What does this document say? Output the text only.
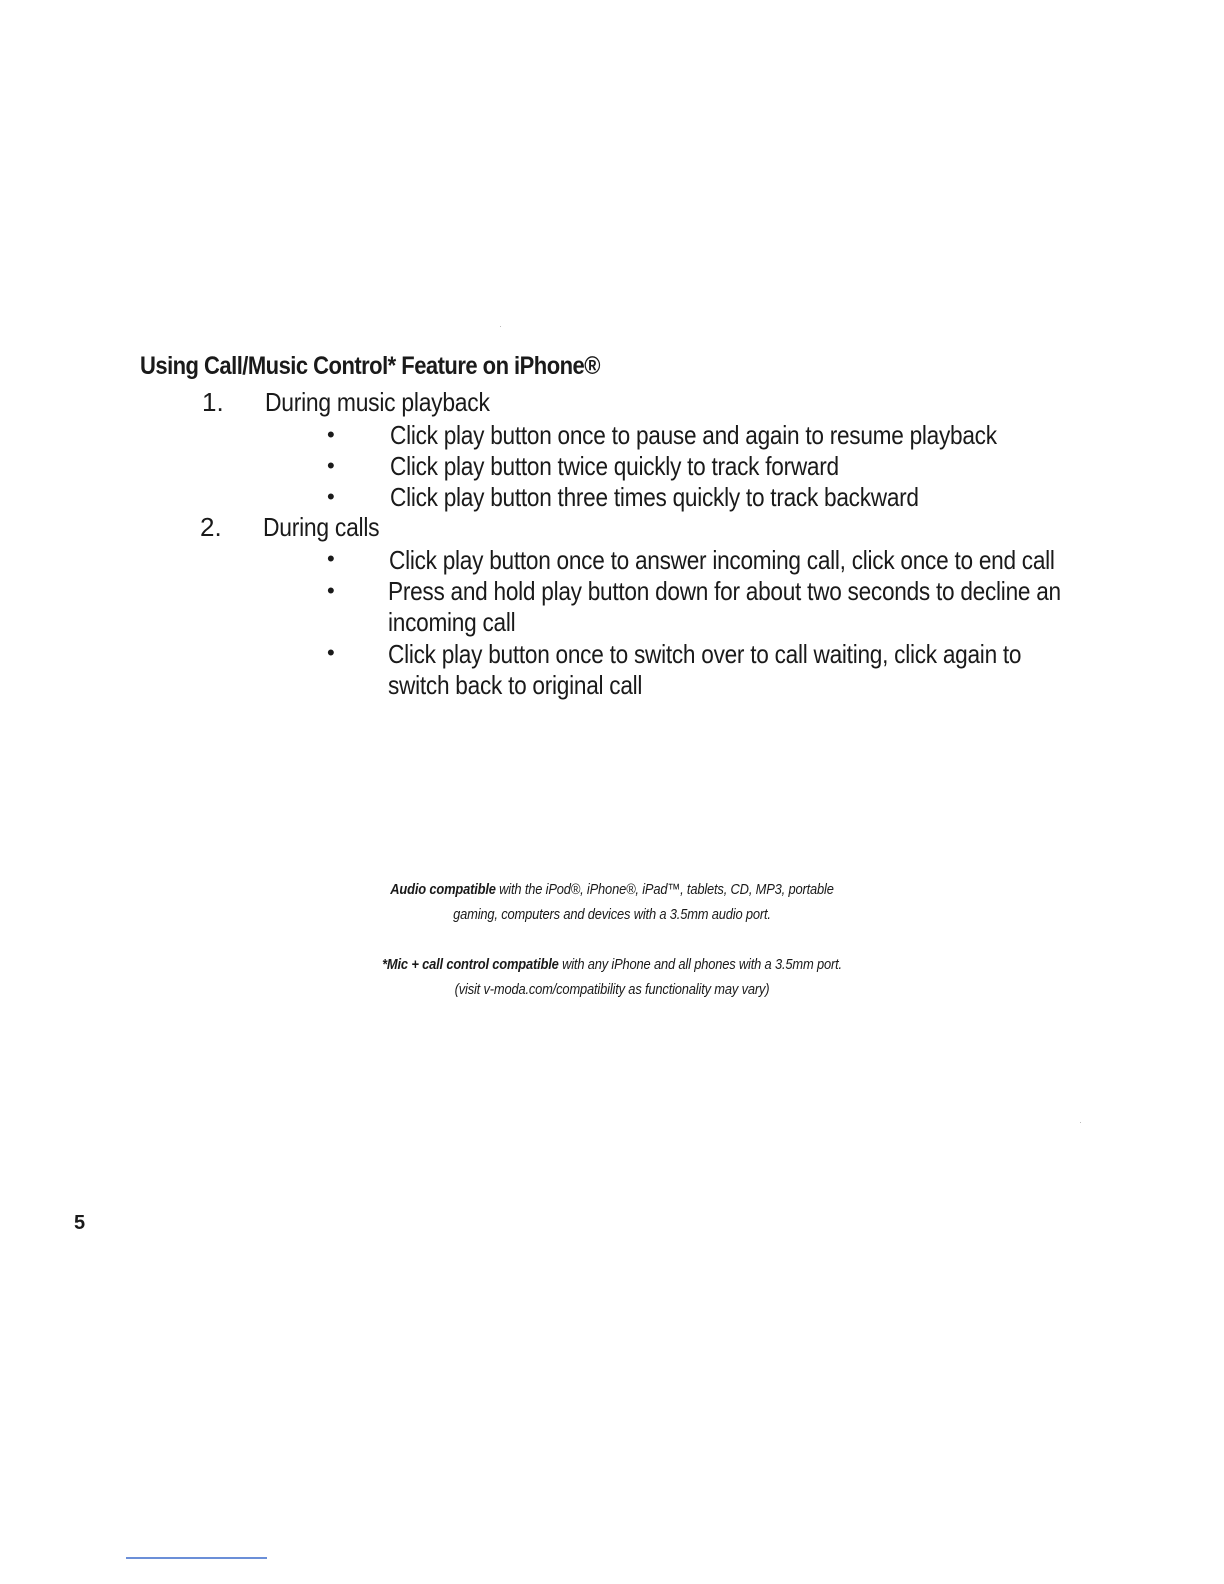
Using Call/Music Control* Feature on iPhone®
1. During music playback
• Click play button once to pause and again to resume playback
• Click play button twice quickly to track forward
• Click play button three times quickly to track backward
2. During calls
• Click play button once to answer incoming call, click once to end call
• Press and hold play button down for about two seconds to decline an
incoming call
• Click play button once to switch over to call waiting, click again to
switch back to original call
Audio compatible with the iPod®, iPhone®, iPad™, tablets, CD, MP3, portable
gaming, computers and devices with a 3.5mm audio port.
*Mic + call control compatible with any iPhone and all phones with a 3.5mm port.
(visit v-moda.com/compatibility as functionality may vary)
5
